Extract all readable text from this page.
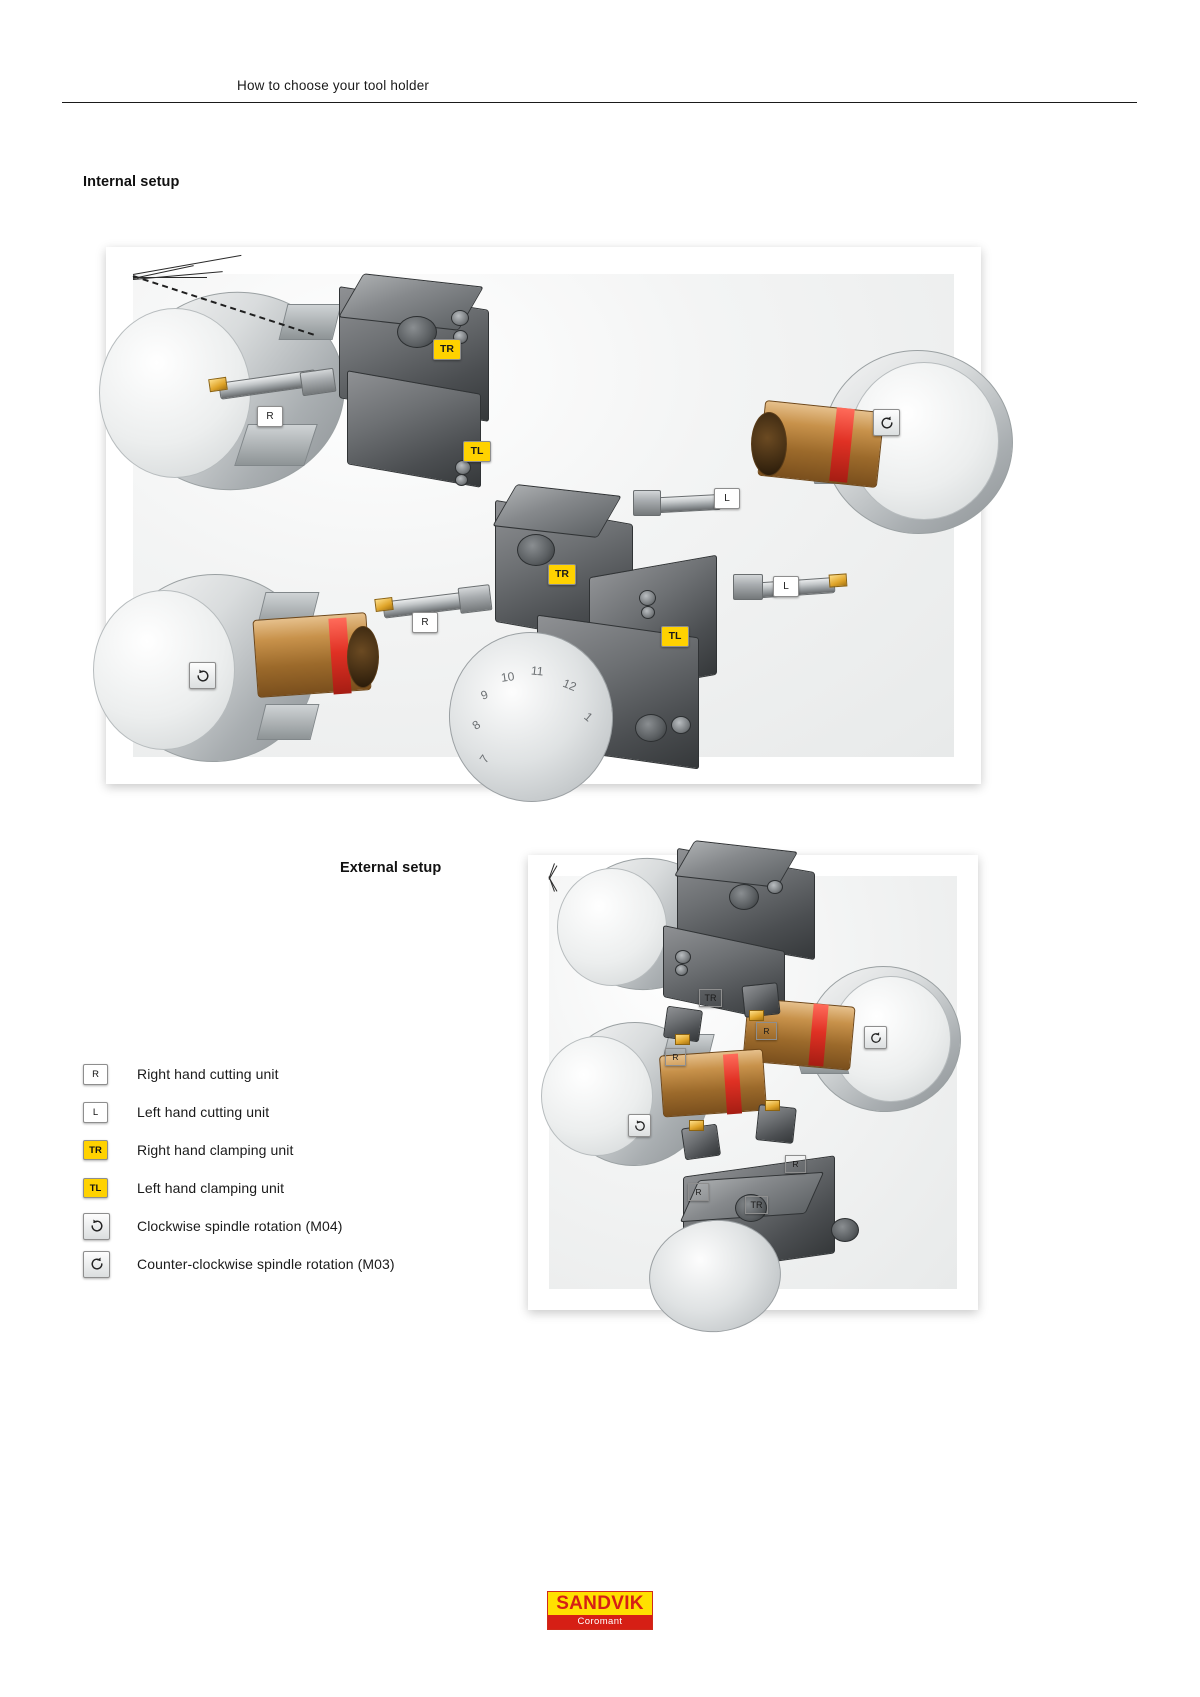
How to choose your tool holder
Internal setup
External setup
7
8
9
10 11
12
1
TR
R
TL
L
TR
R
L
TL
TR
R
R
R
R
TR
R	Right hand cutting unit
L	Left hand cutting unit
TR	Right hand clamping unit
TL	Left hand clamping unit
Clockwise spindle rotation (M04)
Counter-clockwise spindle rotation (M03)
SANDVIK
Coromant
